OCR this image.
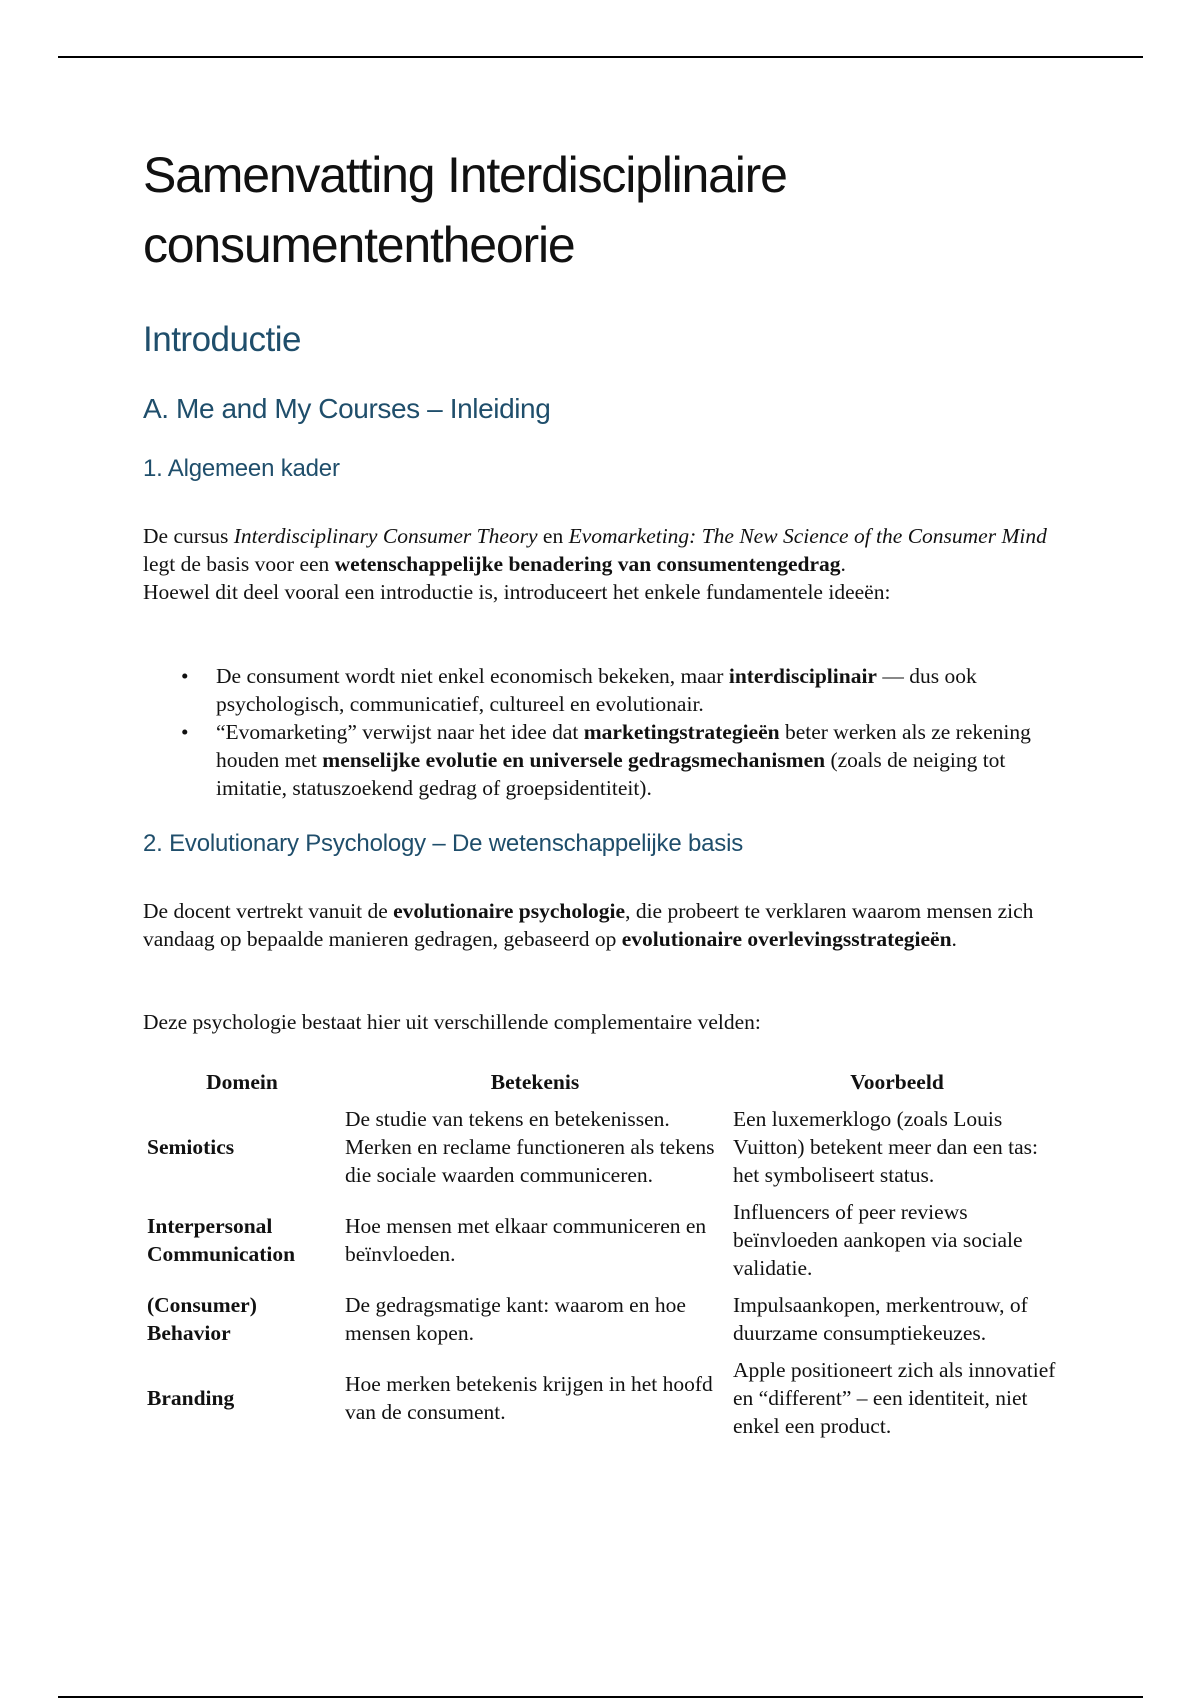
Samenvatting Interdisciplinaire consumententheorie
Introductie
A. Me and My Courses – Inleiding
1. Algemeen kader

De cursus Interdisciplinary Consumer Theory en Evomarketing: The New Science of the Consumer Mind legt de basis voor een wetenschappelijke benadering van consumentengedrag.
Hoewel dit deel vooral een introductie is, introduceert het enkele fundamentele ideeën:

• De consument wordt niet enkel economisch bekeken, maar interdisciplinair — dus ook psychologisch, communicatief, cultureel en evolutionair.
• “Evomarketing” verwijst naar het idee dat marketingstrategieën beter werken als ze rekening houden met menselijke evolutie en universele gedragsmechanismen (zoals de neiging tot imitatie, statuszoekend gedrag of groepsidentiteit).
2. Evolutionary Psychology – De wetenschappelijke basis

De docent vertrekt vanuit de evolutionaire psychologie, die probeert te verklaren waarom mensen zich vandaag op bepaalde manieren gedragen, gebaseerd op evolutionaire overlevingsstrategieën.

Deze psychologie bestaat hier uit verschillende complementaire velden:

Domein	Betekenis	Voorbeeld
Semiotics	De studie van tekens en betekenissen. Merken en reclame functioneren als tekens die sociale waarden communiceren.	Een luxemerklogo (zoals Louis Vuitton) betekent meer dan een tas: het symboliseert status.
Interpersonal Communication	Hoe mensen met elkaar communiceren en beïnvloeden.	Influencers of peer reviews beïnvloeden aankopen via sociale validatie.
(Consumer) Behavior	De gedragsmatige kant: waarom en hoe mensen kopen.	Impulsaankopen, merkentrouw, of duurzame consumptiekeuzes.
Branding	Hoe merken betekenis krijgen in het hoofd van de consument.	Apple positioneert zich als innovatief en “different” – een identiteit, niet enkel een product.
